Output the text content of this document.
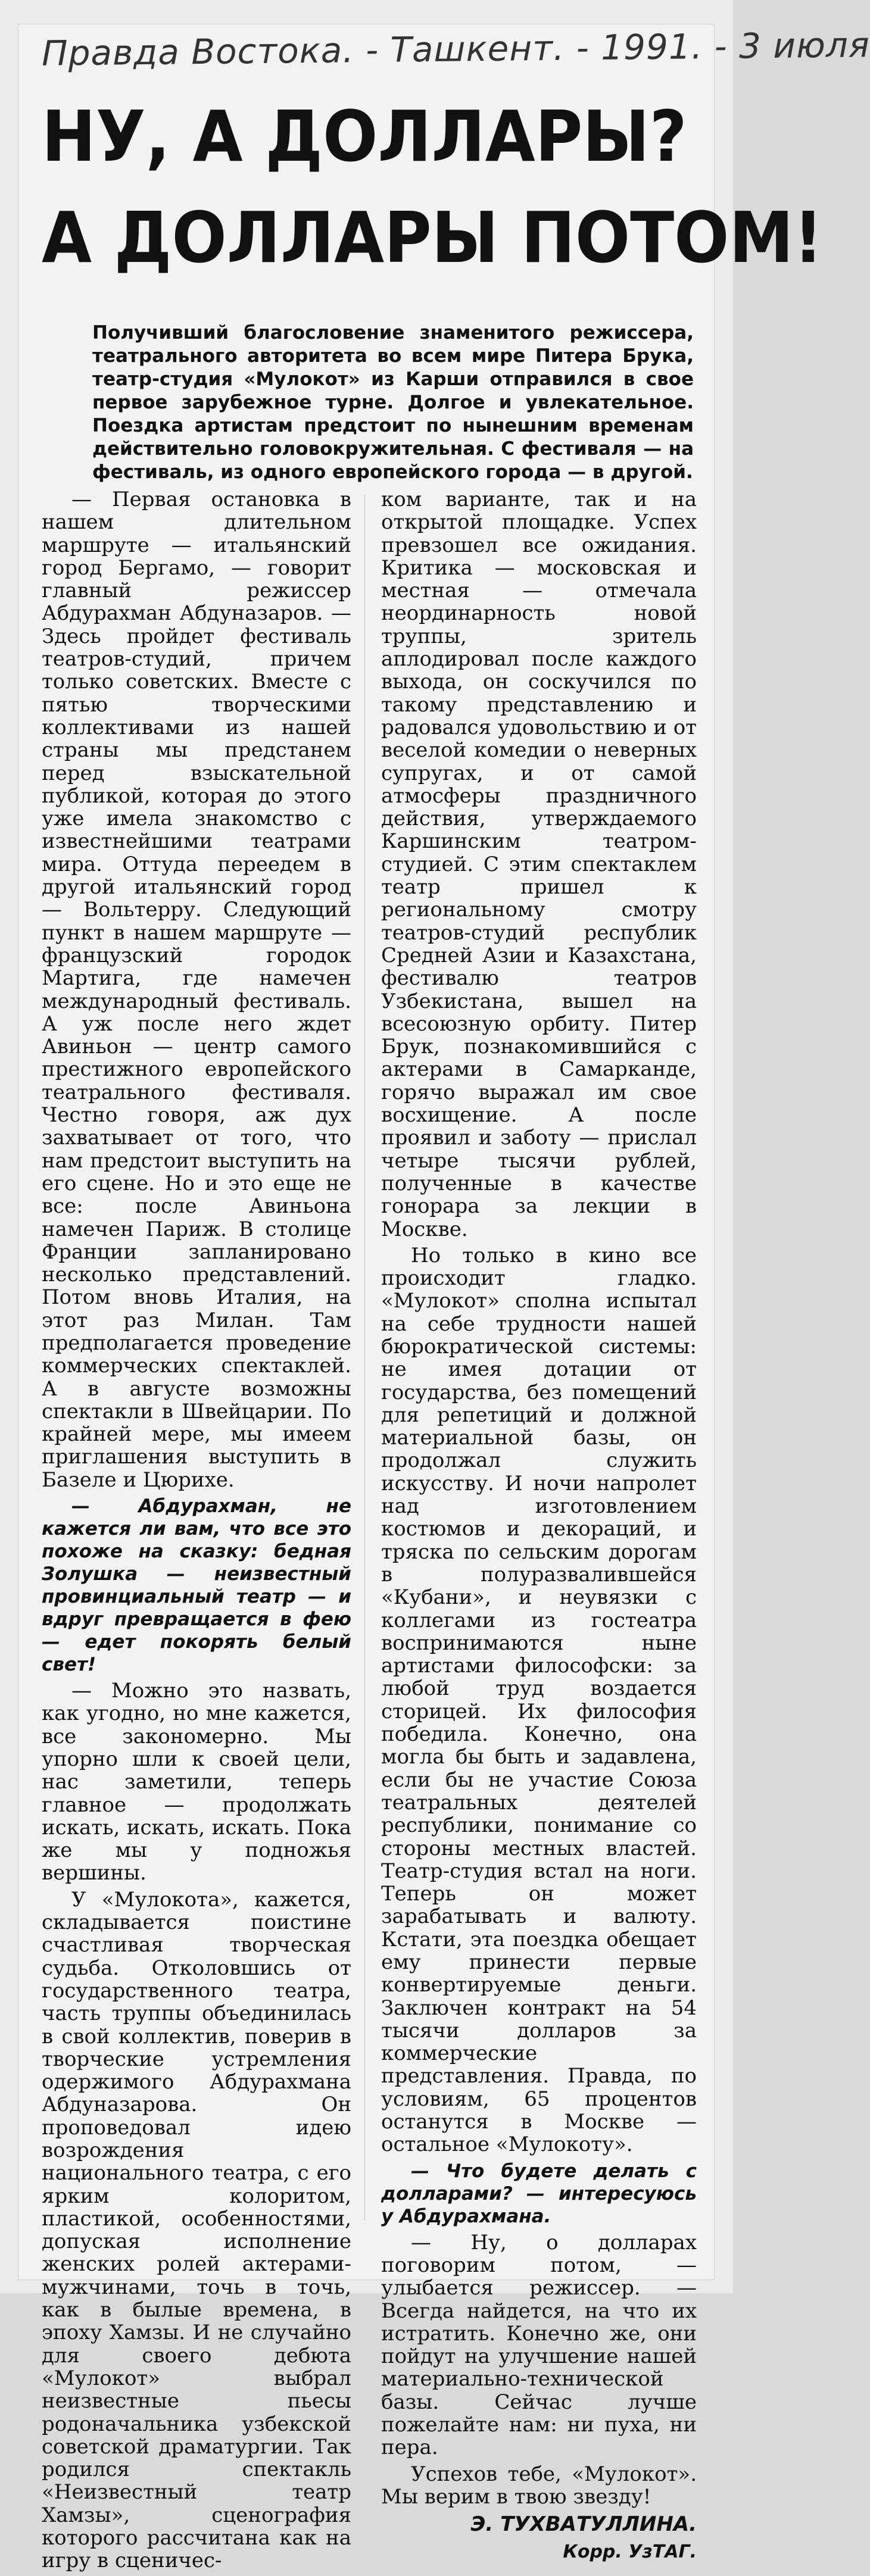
Правда Востока. - Ташкент. - 1991. - 3 июля
НУ, А ДОЛЛАРЫ?
А ДОЛЛАРЫ ПОТОМ!
Получивший благословение знаменитого режиссера, театрального авторитета во всем мире Питера Брука, театр-студия «Мулокот» из Карши отправился в свое первое зарубежное турне. Долгое и увлекательное. Поездка артистам предстоит по нынешним временам действительно головокружительная. С фестиваля — на фестиваль, из одного европейского города — в другой.

— Первая остановка в нашем длительном маршруте — итальянский город Бергамо, — говорит главный режиссер Абдурахман Абдуназаров. — Здесь пройдет фестиваль театров-студий, причем только советских. Вместе с пятью творческими коллективами из нашей страны мы предстанем перед взыскательной публикой, которая до этого уже имела знакомство с известнейшими театрами мира. Оттуда переедем в другой итальянский город — Вольтерру. Следующий пункт в нашем маршруте — французский городок Мартига, где намечен международный фестиваль. А уж после него ждет Авиньон — центр самого престижного европейского театрального фестиваля. Честно говоря, аж дух захватывает от того, что нам предстоит выступить на его сцене. Но и это еще не все: после Авиньона намечен Париж. В столице Франции запланировано несколько представлений. Потом вновь Италия, на этот раз Милан. Там предполагается проведение коммерческих спектаклей. А в августе возможны спектакли в Швейцарии. По крайней мере, мы имеем приглашения выступить в Базеле и Цюрихе.

— Абдурахман, не кажется ли вам, что все это похоже на сказку: бедная Золушка — неизвестный провинциальный театр — и вдруг превращается в фею — едет покорять белый свет!

— Можно это назвать, как угодно, но мне кажется, все закономерно. Мы упорно шли к своей цели, нас заметили, теперь главное — продолжать искать, искать, искать. Пока же мы у подножья вершины.

У «Мулокота», кажется, складывается поистине счастливая творческая судьба. Отколовшись от государственного театра, часть труппы объединилась в свой коллектив, поверив в творческие устремления одержимого Абдурахмана Абдуназарова. Он проповедовал идею возрождения национального театра, с его ярким колоритом, пластикой, особенностями, допуская исполнение женских ролей актерами-мужчинами, точь в точь, как в былые времена, в эпоху Хамзы. И не случайно для своего дебюта «Мулокот» выбрал неизвестные пьесы родоначальника узбекской советской драматургии. Так родился спектакль «Неизвестный театр Хамзы», сценография которого рассчитана как на игру в сценичес-

ком варианте, так и на открытой площадке. Успех превзошел все ожидания. Критика — московская и местная — отмечала неординарность новой труппы, зритель аплодировал после каждого выхода, он соскучился по такому представлению и радовался удовольствию и от веселой комедии о неверных супругах, и от самой атмосферы праздничного действия, утверждаемого Каршинским театром-студией. С этим спектаклем театр пришел к региональному смотру театров-студий республик Средней Азии и Казахстана, фестивалю театров Узбекистана, вышел на всесоюзную орбиту. Питер Брук, познакомившийся с актерами в Самарканде, горячо выражал им свое восхищение. А после проявил и заботу — прислал четыре тысячи рублей, полученные в качестве гонорара за лекции в Москве.

Но только в кино все происходит гладко. «Мулокот» сполна испытал на себе трудности нашей бюрократической системы: не имея дотации от государства, без помещений для репетиций и должной материальной базы, он продолжал служить искусству. И ночи напролет над изготовлением костюмов и декораций, и тряска по сельским дорогам в полуразвалившейся «Кубани», и неувязки с коллегами из гостеатра воспринимаются ныне артистами философски: за любой труд воздается сторицей. Их философия победила. Конечно, она могла бы быть и задавлена, если бы не участие Союза театральных деятелей республики, понимание со стороны местных властей. Театр-студия встал на ноги. Теперь он может зарабатывать и валюту. Кстати, эта поездка обещает ему принести первые конвертируемые деньги. Заключен контракт на 54 тысячи долларов за коммерческие представления. Правда, по условиям, 65 процентов останутся в Москве — остальное «Мулокоту».

— Что будете делать с долларами? — интересуюсь у Абдурахмана.

— Ну, о долларах поговорим потом, — улыбается режиссер. — Всегда найдется, на что их истратить. Конечно же, они пойдут на улучшение нашей материально-технической базы. Сейчас лучше пожелайте нам: ни пуха, ни пера.

Успехов тебе, «Мулокот». Мы верим в твою звезду!

Э. ТУХВАТУЛЛИНА.

Корр. УзТАГ.
